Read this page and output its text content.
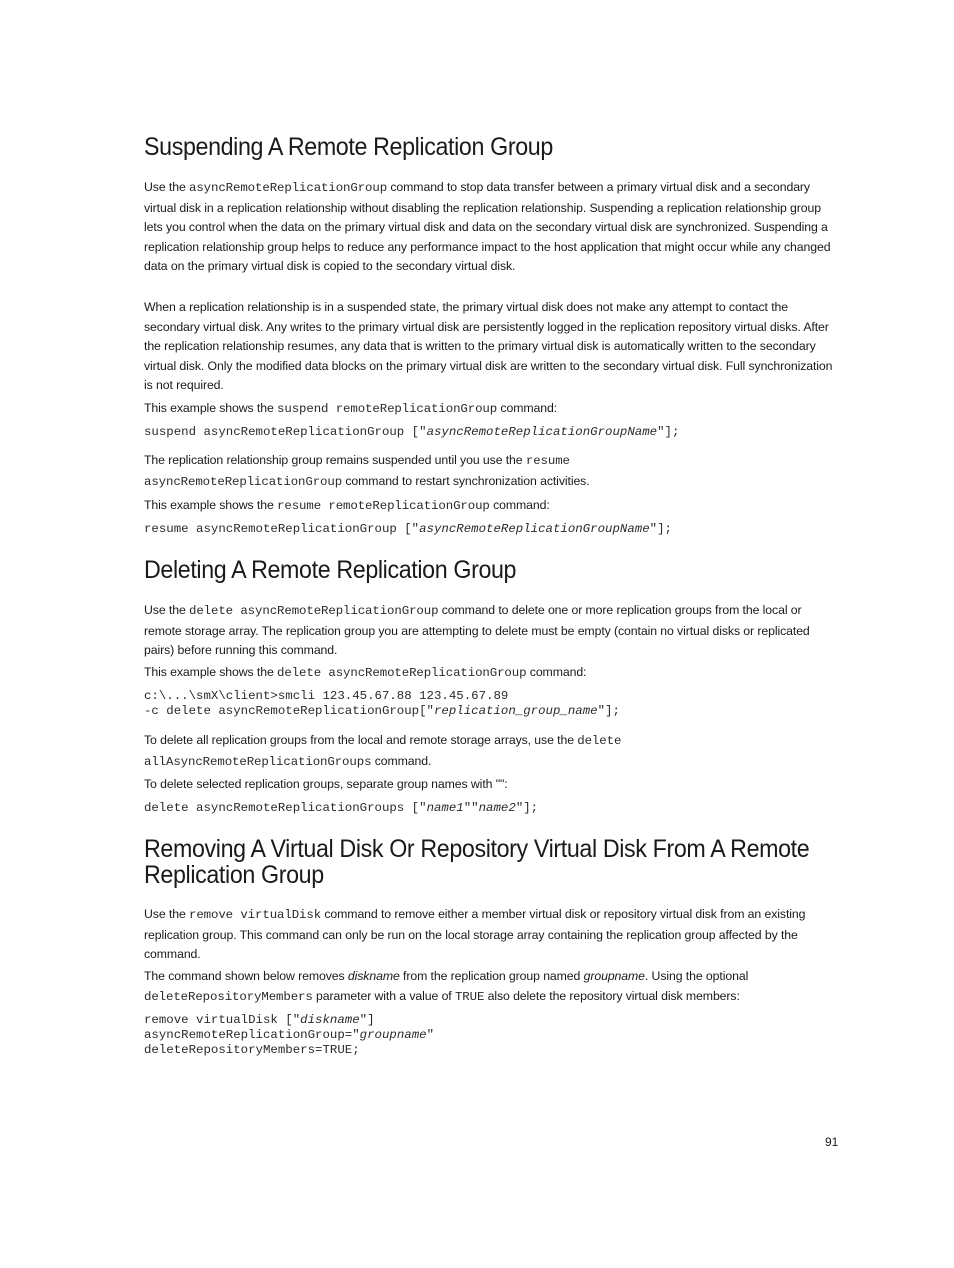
Suspending A Remote Replication Group

Use the asyncRemoteReplicationGroup command to stop data transfer between a primary virtual disk and a secondary virtual disk in a replication relationship without disabling the replication relationship. Suspending a replication relationship group lets you control when the data on the primary virtual disk and data on the secondary virtual disk are synchronized. Suspending a replication relationship group helps to reduce any performance impact to the host application that might occur while any changed data on the primary virtual disk is copied to the secondary virtual disk.

When a replication relationship is in a suspended state, the primary virtual disk does not make any attempt to contact the secondary virtual disk. Any writes to the primary virtual disk are persistently logged in the replication repository virtual disks. After the replication relationship resumes, any data that is written to the primary virtual disk is automatically written to the secondary virtual disk. Only the modified data blocks on the primary virtual disk are written to the secondary virtual disk. Full synchronization is not required.

This example shows the suspend remoteReplicationGroup command:

suspend asyncRemoteReplicationGroup ["asyncRemoteReplicationGroupName"];

The replication relationship group remains suspended until you use the resume
asyncRemoteReplicationGroup command to restart synchronization activities.

This example shows the resume remoteReplicationGroup command:

resume asyncRemoteReplicationGroup ["asyncRemoteReplicationGroupName"];
Deleting A Remote Replication Group

Use the delete asyncRemoteReplicationGroup command to delete one or more replication groups from the local or remote storage array. The replication group you are attempting to delete must be empty (contain no virtual disks or replicated pairs) before running this command.

This example shows the delete asyncRemoteReplicationGroup command:

c:\...\smX\client>smcli 123.45.67.88 123.45.67.89
-c delete asyncRemoteReplicationGroup["replication_group_name"];

To delete all replication groups from the local and remote storage arrays, use the delete
allAsyncRemoteReplicationGroups command.

To delete selected replication groups, separate group names with "":

delete asyncRemoteReplicationGroups ["name1""name2"];
Removing A Virtual Disk Or Repository Virtual Disk From A Remote
Replication Group

Use the remove virtualDisk command to remove either a member virtual disk or repository virtual disk from an existing replication group. This command can only be run on the local storage array containing the replication group affected by the command.

The command shown below removes diskname from the replication group named groupname. Using the optional
deleteRepositoryMembers parameter with a value of TRUE also delete the repository virtual disk members:

remove virtualDisk ["diskname"]
asyncRemoteReplicationGroup="groupname"
deleteRepositoryMembers=TRUE;
91
